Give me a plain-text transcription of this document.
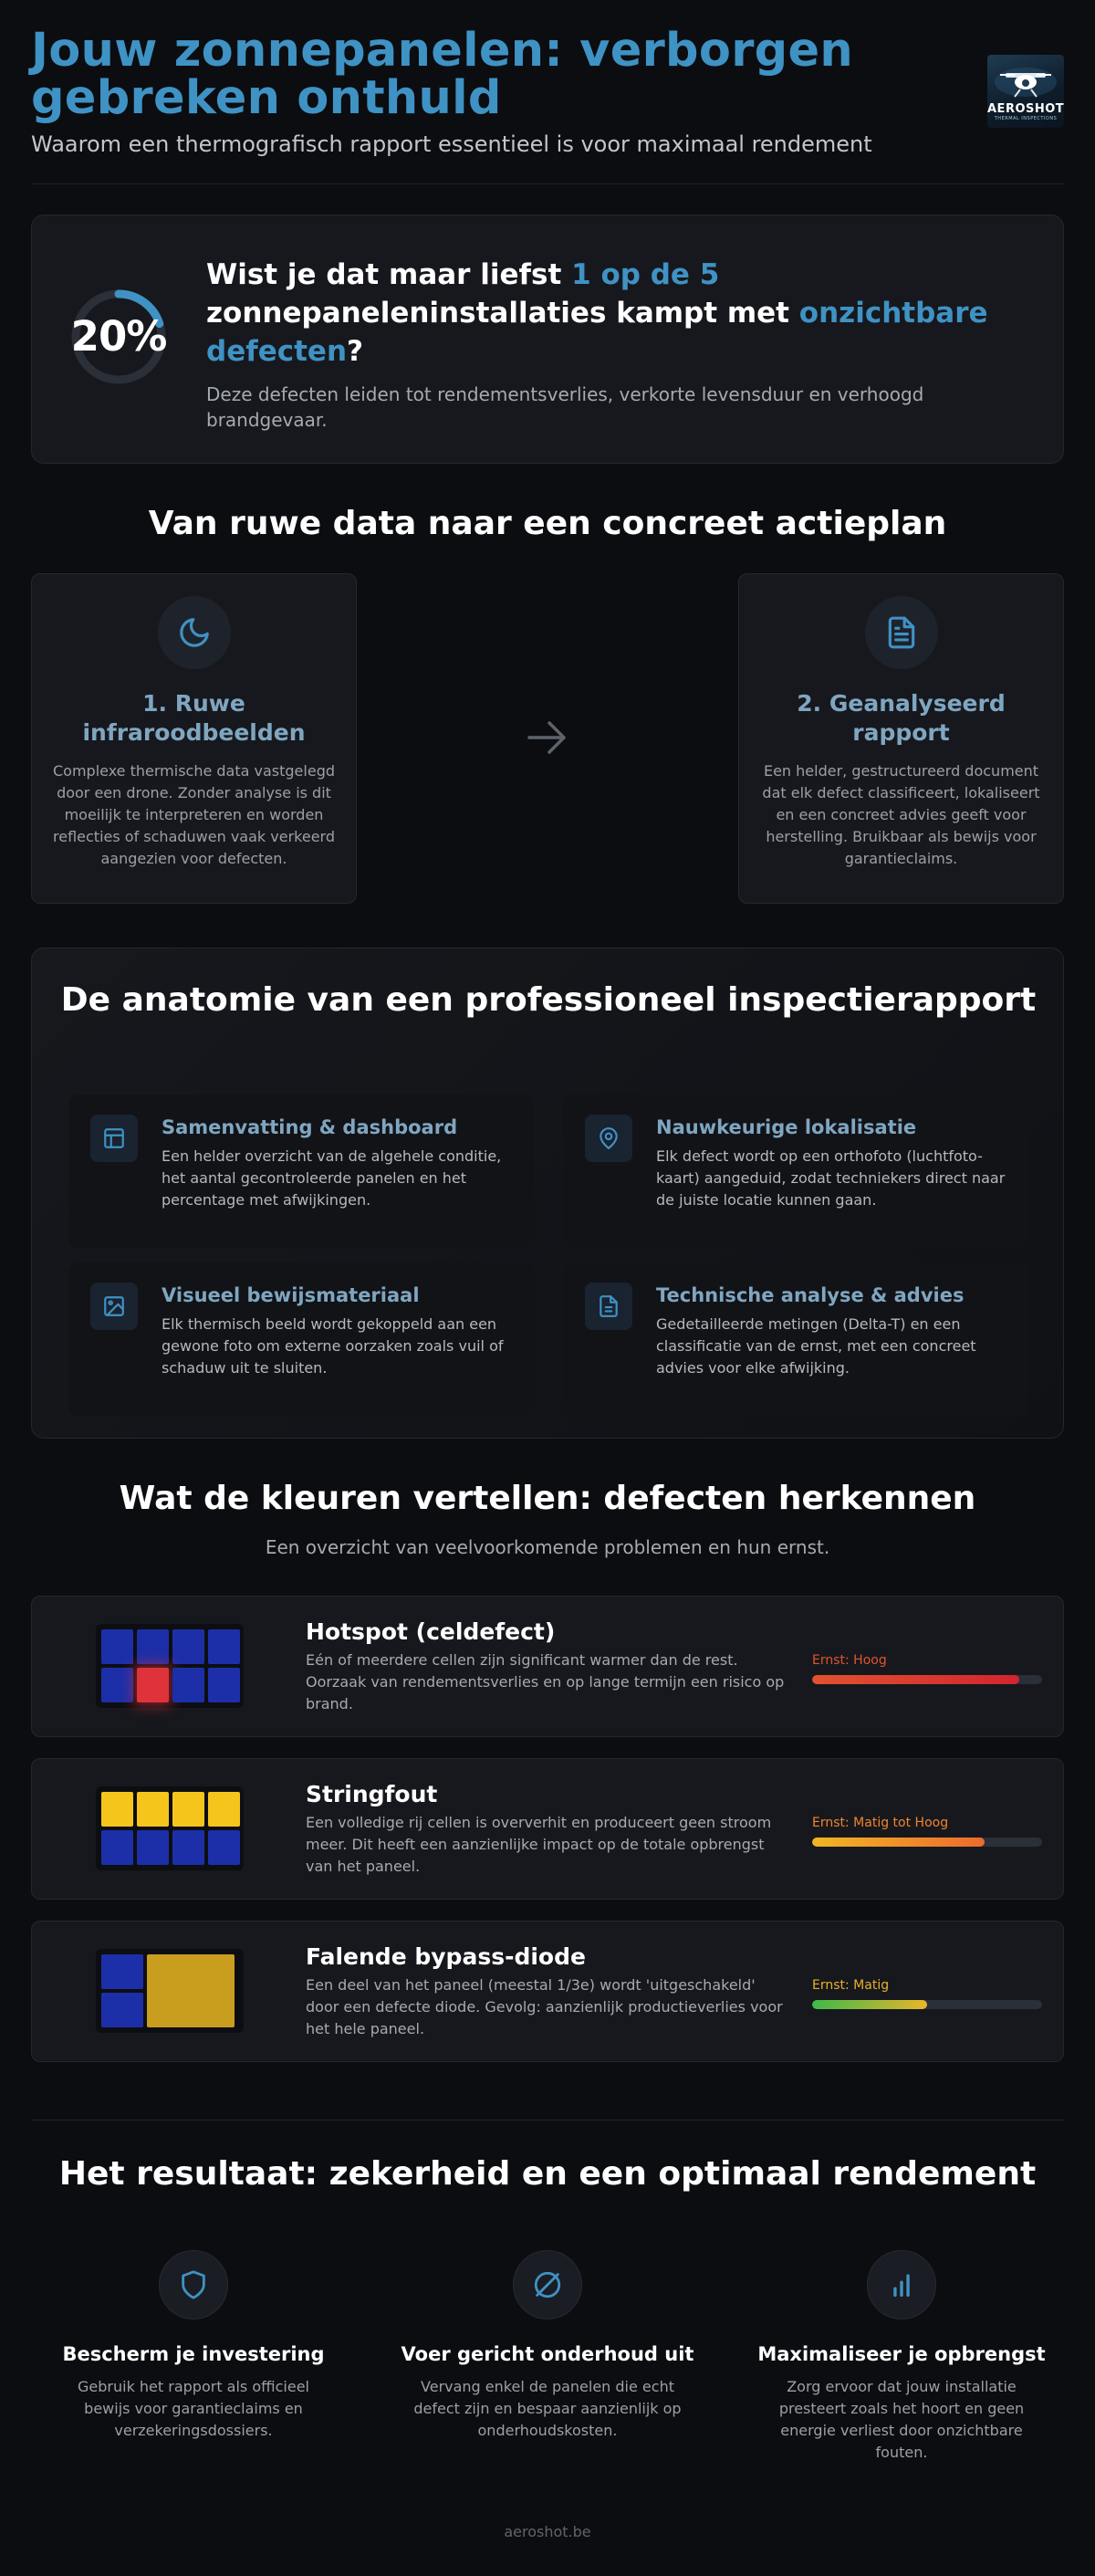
Jouw zonnepanelen: verborgen gebreken onthuld
Waarom een thermografisch rapport essentieel is voor maximaal rendement
AEROSHOT
THERMAL INSPECTIONS
20%
Wist je dat maar liefst 1 op de 5 zonnepaneleninstallaties kampt met onzichtbare defecten?
Deze defecten leiden tot rendementsverlies, verkorte levensduur en verhoogd brandgevaar.
Van ruwe data naar een concreet actieplan
1. Ruwe infraroodbeelden
Complexe thermische data vastgelegd door een drone. Zonder analyse is dit moeilijk te interpreteren en worden reflecties of schaduwen vaak verkeerd aangezien voor defecten.
2. Geanalyseerd rapport
Een helder, gestructureerd document dat elk defect classificeert, lokaliseert en een concreet advies geeft voor herstelling. Bruikbaar als bewijs voor garantieclaims.
De anatomie van een professioneel inspectierapport
Samenvatting & dashboard
Een helder overzicht van de algehele conditie, het aantal gecontroleerde panelen en het percentage met afwijkingen.
Nauwkeurige lokalisatie
Elk defect wordt op een orthofoto (luchtfoto-kaart) aangeduid, zodat techniekers direct naar de juiste locatie kunnen gaan.
Visueel bewijsmateriaal
Elk thermisch beeld wordt gekoppeld aan een gewone foto om externe oorzaken zoals vuil of schaduw uit te sluiten.
Technische analyse & advies
Gedetailleerde metingen (Delta-T) en een classificatie van de ernst, met een concreet advies voor elke afwijking.
Wat de kleuren vertellen: defecten herkennen
Een overzicht van veelvoorkomende problemen en hun ernst.
Hotspot (celdefect)
Eén of meerdere cellen zijn significant warmer dan de rest. Oorzaak van rendementsverlies en op lange termijn een risico op brand.
Ernst: Hoog
Stringfout
Een volledige rij cellen is oververhit en produceert geen stroom meer. Dit heeft een aanzienlijke impact op de totale opbrengst van het paneel.
Ernst: Matig tot Hoog
Falende bypass-diode
Een deel van het paneel (meestal 1/3e) wordt 'uitgeschakeld' door een defecte diode. Gevolg: aanzienlijk productieverlies voor het hele paneel.
Ernst: Matig
Het resultaat: zekerheid en een optimaal rendement
Bescherm je investering
Gebruik het rapport als officieel bewijs voor garantieclaims en verzekeringsdossiers.
Voer gericht onderhoud uit
Vervang enkel de panelen die echt defect zijn en bespaar aanzienlijk op onderhoudskosten.
Maximaliseer je opbrengst
Zorg ervoor dat jouw installatie presteert zoals het hoort en geen energie verliest door onzichtbare fouten.
aeroshot.be
